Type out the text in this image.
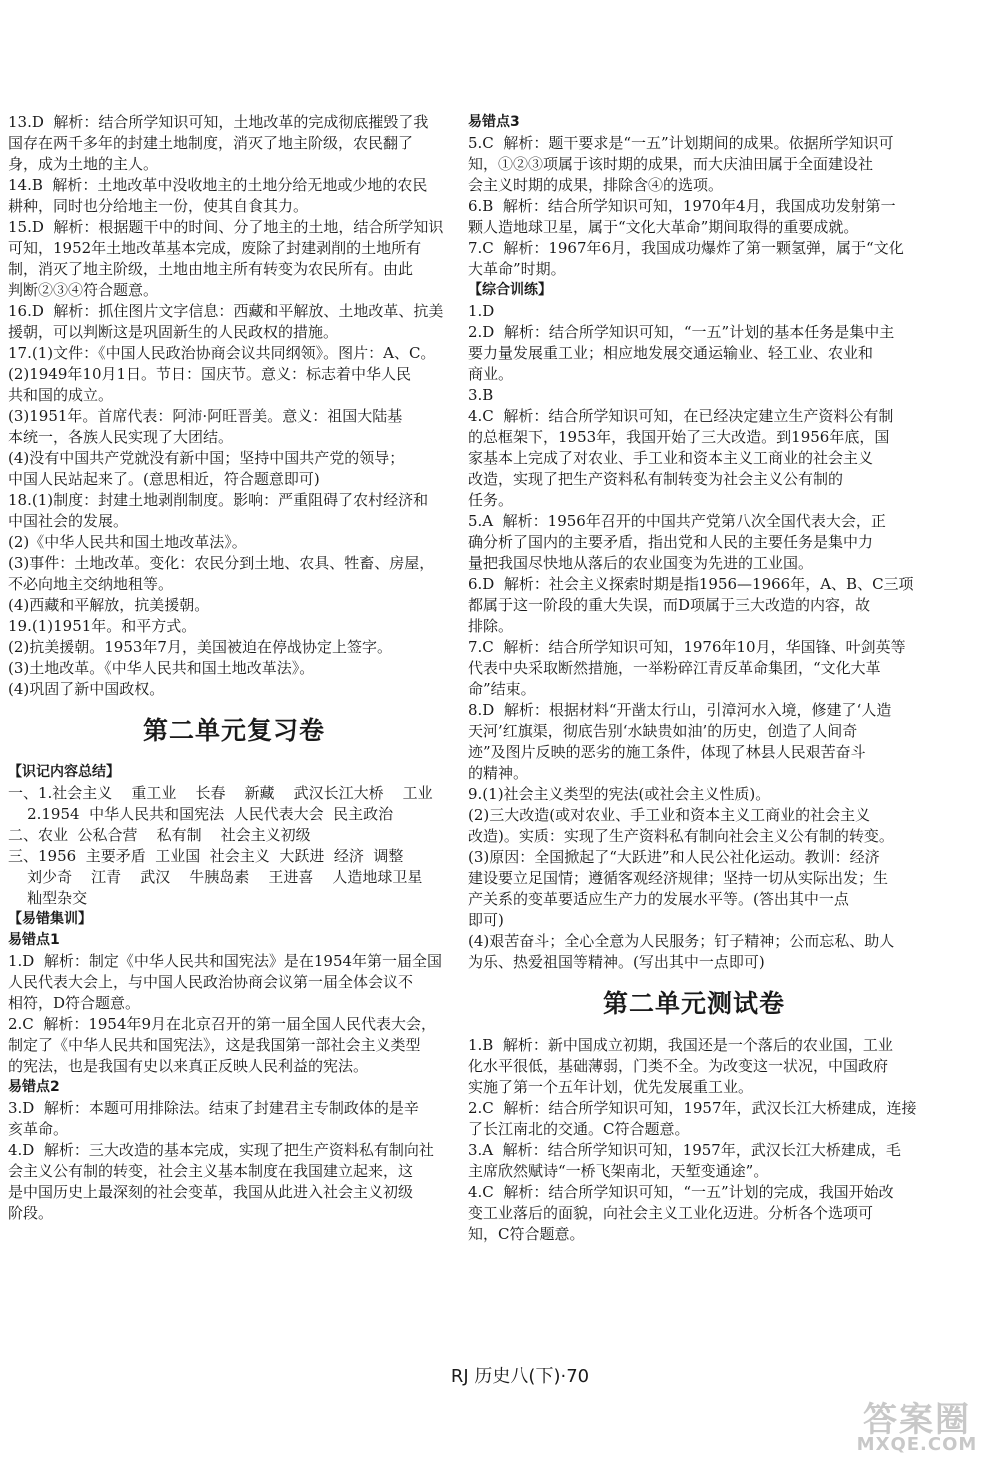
13.D  解析：结合所学知识可知，土地改革的完成彻底摧毁了我
国存在两千多年的封建土地制度，消灭了地主阶级，农民翻了
身，成为土地的主人。
14.B  解析：土地改革中没收地主的土地分给无地或少地的农民
耕种，同时也分给地主一份，使其自食其力。
15.D  解析：根据题干中的时间、分了地主的土地，结合所学知识
可知，1952年土地改革基本完成，废除了封建剥削的土地所有
制，消灭了地主阶级，土地由地主所有转变为农民所有。由此
判断②③④符合题意。
16.D  解析：抓住图片文字信息：西藏和平解放、土地改革、抗美
援朝，可以判断这是巩固新生的人民政权的措施。
17.(1)文件：《中国人民政治协商会议共同纲领》。图片：A、C。
(2)1949年10月1日。节日：国庆节。意义：标志着中华人民
共和国的成立。
(3)1951年。首席代表：阿沛·阿旺晋美。意义：祖国大陆基
本统一，各族人民实现了大团结。
(4)没有中国共产党就没有新中国；坚持中国共产党的领导；
中国人民站起来了。(意思相近，符合题意即可)
18.(1)制度：封建土地剥削制度。影响：严重阻碍了农村经济和
中国社会的发展。
(2)《中华人民共和国土地改革法》。
(3)事件：土地改革。变化：农民分到土地、农具、牲畜、房屋，
不必向地主交纳地租等。
(4)西藏和平解放，抗美援朝。
19.(1)1951年。和平方式。
(2)抗美援朝。1953年7月，美国被迫在停战协定上签字。
(3)土地改革。《中华人民共和国土地改革法》。
(4)巩固了新中国政权。
第二单元复习卷
【识记内容总结】
一、1.社会主义    重工业    长春    新藏    武汉长江大桥    工业
2.1954  中华人民共和国宪法  人民代表大会  民主政治
二、农业  公私合营    私有制    社会主义初级
三、1956  主要矛盾  工业国  社会主义  大跃进  经济  调整
刘少奇    江青    武汉    牛胰岛素    王进喜    人造地球卫星
籼型杂交
【易错集训】
易错点1
1.D  解析：制定《中华人民共和国宪法》是在1954年第一届全国
人民代表大会上，与中国人民政治协商会议第一届全体会议不
相符，D符合题意。
2.C  解析：1954年9月在北京召开的第一届全国人民代表大会，
制定了《中华人民共和国宪法》，这是我国第一部社会主义类型
的宪法，也是我国有史以来真正反映人民利益的宪法。
易错点2
3.D  解析：本题可用排除法。结束了封建君主专制政体的是辛
亥革命。
4.D  解析：三大改造的基本完成，实现了把生产资料私有制向社
会主义公有制的转变，社会主义基本制度在我国建立起来，这
是中国历史上最深刻的社会变革，我国从此进入社会主义初级
阶段。
易错点3
5.C  解析：题干要求是“一五”计划期间的成果。依据所学知识可
知，①②③项属于该时期的成果，而大庆油田属于全面建设社
会主义时期的成果，排除含④的选项。
6.B  解析：结合所学知识可知，1970年4月，我国成功发射第一
颗人造地球卫星，属于“文化大革命”期间取得的重要成就。
7.C  解析：1967年6月，我国成功爆炸了第一颗氢弹，属于“文化
大革命”时期。
【综合训练】
1.D
2.D  解析：结合所学知识可知，“一五”计划的基本任务是集中主
要力量发展重工业；相应地发展交通运输业、轻工业、农业和
商业。
3.B
4.C  解析：结合所学知识可知，在已经决定建立生产资料公有制
的总框架下，1953年，我国开始了三大改造。到1956年底，国
家基本上完成了对农业、手工业和资本主义工商业的社会主义
改造，实现了把生产资料私有制转变为社会主义公有制的
任务。
5.A  解析：1956年召开的中国共产党第八次全国代表大会，正
确分析了国内的主要矛盾，指出党和人民的主要任务是集中力
量把我国尽快地从落后的农业国变为先进的工业国。
6.D  解析：社会主义探索时期是指1956—1966年，A、B、C三项
都属于这一阶段的重大失误，而D项属于三大改造的内容，故
排除。
7.C  解析：结合所学知识可知，1976年10月，华国锋、叶剑英等
代表中央采取断然措施，一举粉碎江青反革命集团，“文化大革
命”结束。
8.D  解析：根据材料“开凿太行山，引漳河水入境，修建了‘人造
天河’红旗渠，彻底告别‘水缺贵如油’的历史，创造了人间奇
迹”及图片反映的恶劣的施工条件，体现了林县人民艰苦奋斗
的精神。
9.(1)社会主义类型的宪法(或社会主义性质)。
(2)三大改造(或对农业、手工业和资本主义工商业的社会主义
改造)。实质：实现了生产资料私有制向社会主义公有制的转变。
(3)原因：全国掀起了“大跃进”和人民公社化运动。教训：经济
建设要立足国情；遵循客观经济规律；坚持一切从实际出发；生
产关系的变革要适应生产力的发展水平等。(答出其中一点
即可)
(4)艰苦奋斗；全心全意为人民服务；钉子精神；公而忘私、助人
为乐、热爱祖国等精神。(写出其中一点即可)
第二单元测试卷
1.B  解析：新中国成立初期，我国还是一个落后的农业国，工业
化水平很低，基础薄弱，门类不全。为改变这一状况，中国政府
实施了第一个五年计划，优先发展重工业。
2.C  解析：结合所学知识可知，1957年，武汉长江大桥建成，连接
了长江南北的交通。C符合题意。
3.A  解析：结合所学知识可知，1957年，武汉长江大桥建成，毛
主席欣然赋诗“一桥飞架南北，天堑变通途”。
4.C  解析：结合所学知识可知，“一五”计划的完成，我国开始改
变工业落后的面貌，向社会主义工业化迈进。分析各个选项可
知，C符合题意。
RJ 历史八(下)·70
答案圈
MXQE.COM
